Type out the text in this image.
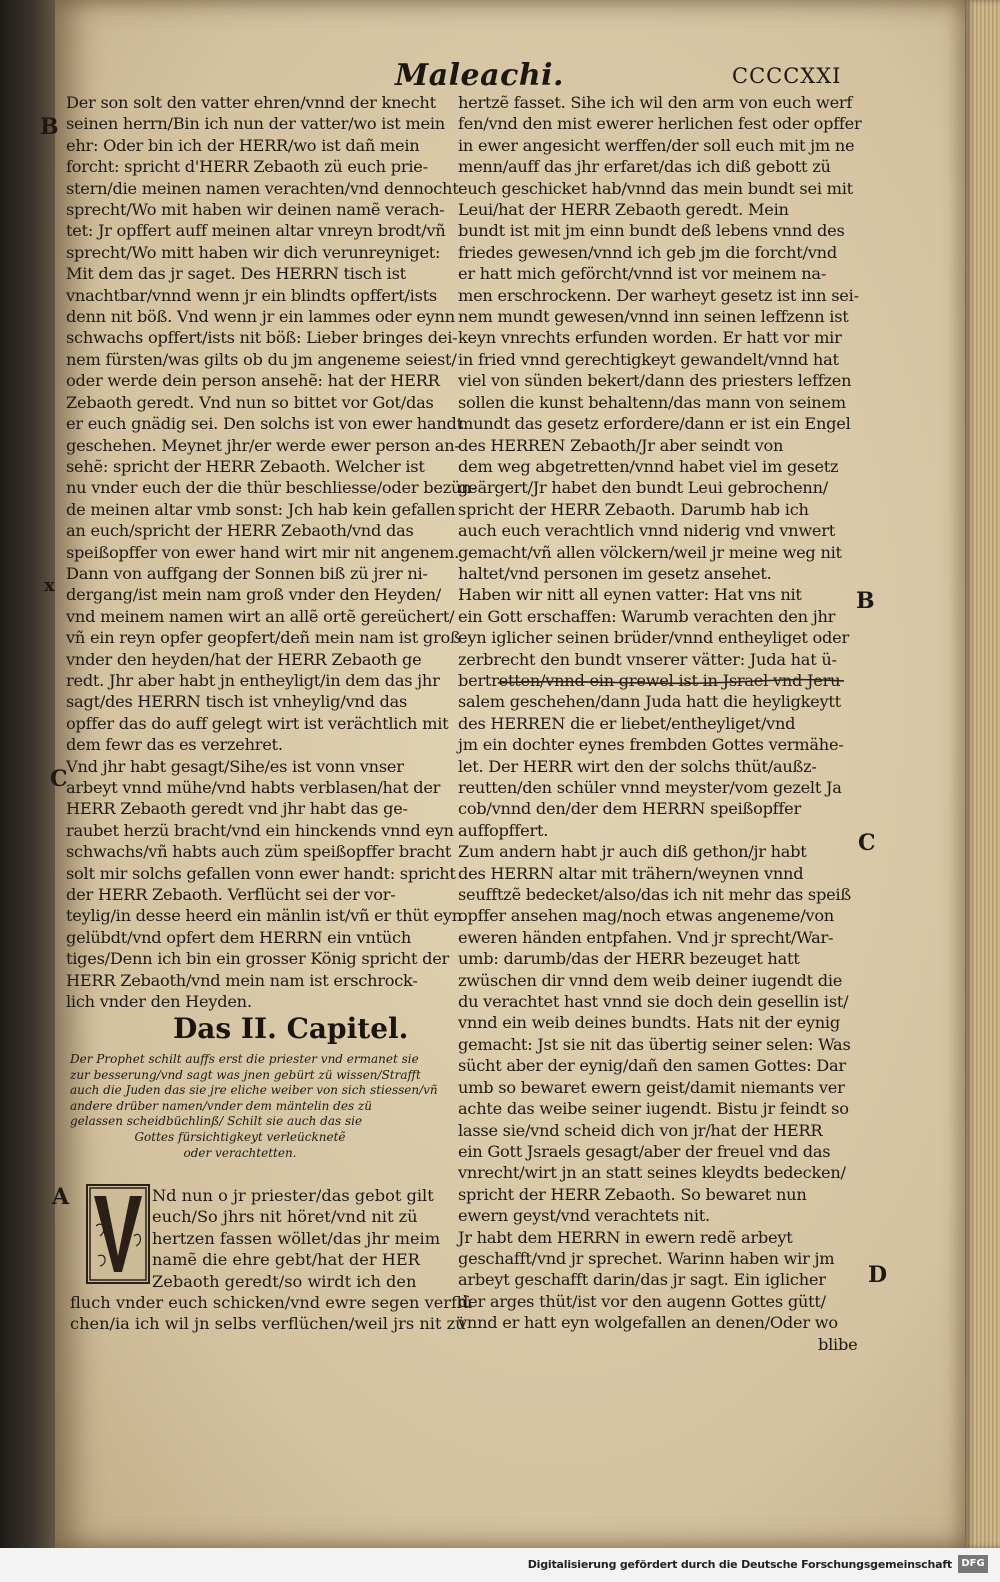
Maleachi.	CCCCXXI
Der son solt den vatter ehren/vnnd der knecht
seinen herrn/Bin ich nun der vatter/wo ist mein
ehr: Oder bin ich der HERR/wo ist dañ mein
forcht: spricht d'HERR Zebaoth zü euch prie-
stern/die meinen namen verachten/vnd dennocht
sprecht/Wo mit haben wir deinen namẽ verach-
tet: Jr opffert auff meinen altar vnreyn brodt/vñ
sprecht/Wo mitt haben wir dich verunreyniget:
Mit dem das jr saget. Des HERRN tisch ist
vnachtbar/vnnd wenn jr ein blindts opffert/ists
denn nit böß. Vnd wenn jr ein lammes oder eynn
schwachs opffert/ists nit böß: Lieber bringes dei-
nem fürsten/was gilts ob du jm angeneme seiest/
oder werde dein person ansehẽ: hat der HERR
Zebaoth geredt. Vnd nun so bittet vor Got/das
er euch gnädig sei. Den solchs ist von ewer handt
geschehen. Meynet jhr/er werde ewer person an-
sehẽ: spricht der HERR Zebaoth. Welcher ist
nu vnder euch der die thür beschliesse/oder bezün-
de meinen altar vmb sonst: Jch hab kein gefallen
an euch/spricht der HERR Zebaoth/vnd das
speißopffer von ewer hand wirt mir nit angenem.
Dann von auffgang der Sonnen biß zü jrer ni-
dergang/ist mein nam groß vnder den Heyden/
vnd meinem namen wirt an allẽ ortẽ gereüchert/
vñ ein reyn opfer geopfert/deñ mein nam ist groß
vnder den heyden/hat der HERR Zebaoth ge
redt. Jhr aber habt jn entheyligt/in dem das jhr
sagt/des HERRN tisch ist vnheylig/vnd das
opffer das do auff gelegt wirt ist verächtlich mit
dem fewr das es verzehret.
Vnd jhr habt gesagt/Sihe/es ist vonn vnser
arbeyt vnnd mühe/vnd habts verblasen/hat der
HERR Zebaoth geredt vnd jhr habt das ge-
raubet herzü bracht/vnd ein hinckends vnnd eyn
schwachs/vñ habts auch züm speißopffer bracht
solt mir solchs gefallen vonn ewer handt: spricht
der HERR Zebaoth. Verflücht sei der vor-
teylig/in desse heerd ein mänlin ist/vñ er thüt eyn
gelübdt/vnd opfert dem HERRN ein vntüch
tiges/Denn ich bin ein grosser König spricht der
HERR Zebaoth/vnd mein nam ist erschrock-
lich vnder den Heyden.
hertzẽ fasset. Sihe ich wil den arm von euch werf
fen/vnd den mist ewerer herlichen fest oder opffer
in ewer angesicht werffen/der soll euch mit jm ne
menn/auff das jhr erfaret/das ich diß gebott zü
euch geschicket hab/vnnd das mein bundt sei mit
Leui/hat der HERR Zebaoth geredt. Mein
bundt ist mit jm einn bundt deß lebens vnnd des
friedes gewesen/vnnd ich geb jm die forcht/vnd
er hatt mich geförcht/vnnd ist vor meinem na-
men erschrockenn. Der warheyt gesetz ist inn sei-
nem mundt gewesen/vnnd inn seinen leffzenn ist
keyn vnrechts erfunden worden. Er hatt vor mir
in fried vnnd gerechtigkeyt gewandelt/vnnd hat
viel von sünden bekert/dann des priesters leffzen
sollen die kunst behaltenn/das mann von seinem
mundt das gesetz erfordere/dann er ist ein Engel
des HERREN Zebaoth/Jr aber seindt von
dem weg abgetretten/vnnd habet viel im gesetz
geärgert/Jr habet den bundt Leui gebrochenn/
spricht der HERR Zebaoth. Darumb hab ich
auch euch verachtlich vnnd niderig vnd vnwert
gemacht/vñ allen völckern/weil jr meine weg nit
haltet/vnd personen im gesetz ansehet.
Haben wir nitt all eynen vatter: Hat vns nit
ein Gott erschaffen: Warumb verachten den jhr
eyn iglicher seinen brüder/vnnd entheyliget oder
zerbrecht den bundt vnserer vätter: Juda hat ü-
bertretten/vnnd ein grewel ist in Jsrael vnd Jeru
salem geschehen/dann Juda hatt die heyligkeytt
des HERREN die er liebet/entheyliget/vnd
jm ein dochter eynes frembden Gottes vermähe-
let. Der HERR wirt den der solchs thüt/außz-
reutten/den schüler vnnd meyster/vom gezelt Ja
cob/vnnd den/der dem HERRN speißopffer
auffopffert.
Zum andern habt jr auch diß gethon/jr habt
des HERRN altar mit trähern/weynen vnnd
seufftzẽ bedecket/also/das ich nit mehr das speiß
opffer ansehen mag/noch etwas angeneme/von
eweren händen entpfahen. Vnd jr sprecht/War-
umb: darumb/das der HERR bezeuget hatt
zwüschen dir vnnd dem weib deiner iugendt die
du verachtet hast vnnd sie doch dein gesellin ist/
vnnd ein weib deines bundts. Hats nit der eynig
gemacht: Jst sie nit das übertig seiner selen: Was
sücht aber der eynig/dañ den samen Gottes: Dar
umb so bewaret ewern geist/damit niemants ver
achte das weibe seiner iugendt. Bistu jr feindt so
lasse sie/vnd scheid dich von jr/hat der HERR
ein Gott Jsraels gesagt/aber der freuel vnd das
vnrecht/wirt jn an statt seines kleydts bedecken/
spricht der HERR Zebaoth. So bewaret nun
ewern geyst/vnd verachtets nit.
Jr habt dem HERRN in ewern redẽ arbeyt
geschafft/vnd jr sprechet. Warinn haben wir jm
arbeyt geschafft darin/das jr sagt. Ein iglicher
der arges thüt/ist vor den augenn Gottes gütt/
vnnd er hatt eyn wolgefallen an denen/Oder wo
blibe
B
x
C
A
B
C
D
Das II. Capitel.
Der Prophet schilt auffs erst die priester vnd ermanet sie
zur besserung/vnd sagt was jnen gebürt zü wissen/Strafft
auch die Juden das sie jre eliche weiber von sich stiessen/vñ
andere drüber namen/vnder dem mäntelin des zü
gelassen scheidbüchlinß/ Schilt sie auch das sie
Gottes fürsichtigkeyt verleücknetẽ
oder verachtetten.
V
Nd nun o jr priester/das gebot gilt
euch/So jhrs nit höret/vnd nit zü
hertzen fassen wöllet/das jhr meim
namẽ die ehre gebt/hat der HER
Zebaoth geredt/so wirdt ich den
fluch vnder euch schicken/vnd ewre segen verflü
chen/ia ich wil jn selbs verflüchen/weil jrs nit zü
Digitalisierung gefördert durch die Deutsche Forschungsgemeinschaft DFG
